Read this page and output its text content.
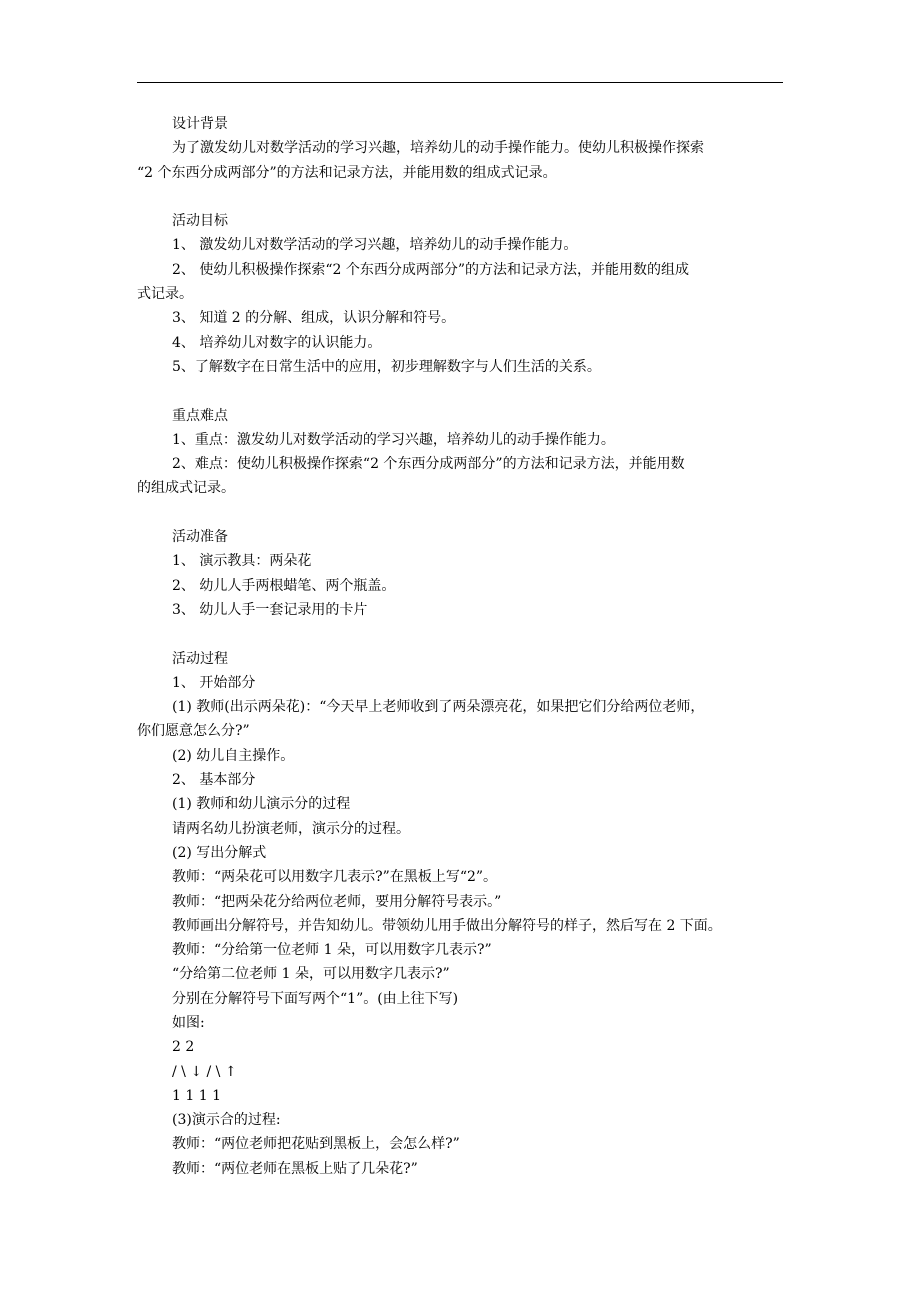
设计背景

为了激发幼儿对数学活动的学习兴趣，培养幼儿的动手操作能力。使幼儿积极操作探索

“2 个东西分成两部分”的方法和记录方法，并能用数的组成式记录。

活动目标

1、 激发幼儿对数学活动的学习兴趣，培养幼儿的动手操作能力。

2、 使幼儿积极操作探索“2 个东西分成两部分”的方法和记录方法，并能用数的组成

式记录。

3、 知道 2 的分解、组成，认识分解和符号。

4、 培养幼儿对数字的认识能力。

5、了解数字在日常生活中的应用，初步理解数字与人们生活的关系。

重点难点

1、重点：激发幼儿对数学活动的学习兴趣，培养幼儿的动手操作能力。

2、难点：使幼儿积极操作探索“2 个东西分成两部分”的方法和记录方法，并能用数

的组成式记录。

活动准备

1、 演示教具：两朵花

2、 幼儿人手两根蜡笔、两个瓶盖。

3、 幼儿人手一套记录用的卡片

活动过程

1、 开始部分

(1) 教师(出示两朵花)：“今天早上老师收到了两朵漂亮花，如果把它们分给两位老师，

你们愿意怎么分?”

(2) 幼儿自主操作。

2、 基本部分

(1) 教师和幼儿演示分的过程

请两名幼儿扮演老师，演示分的过程。

(2) 写出分解式

教师：“两朵花可以用数字几表示?”在黑板上写“2”。

教师：“把两朵花分给两位老师，要用分解符号表示。”

教师画出分解符号，并告知幼儿。带领幼儿用手做出分解符号的样子，然后写在 2 下面。

教师：“分给第一位老师 1 朵，可以用数字几表示?”

“分给第二位老师 1 朵，可以用数字几表示?”

分别在分解符号下面写两个“1”。(由上往下写)

如图:

2 2

/ \ ↓ / \ ↑

1 1 1 1

(3)演示合的过程:

教师：“两位老师把花贴到黑板上，会怎么样?”

教师：“两位老师在黑板上贴了几朵花?”
